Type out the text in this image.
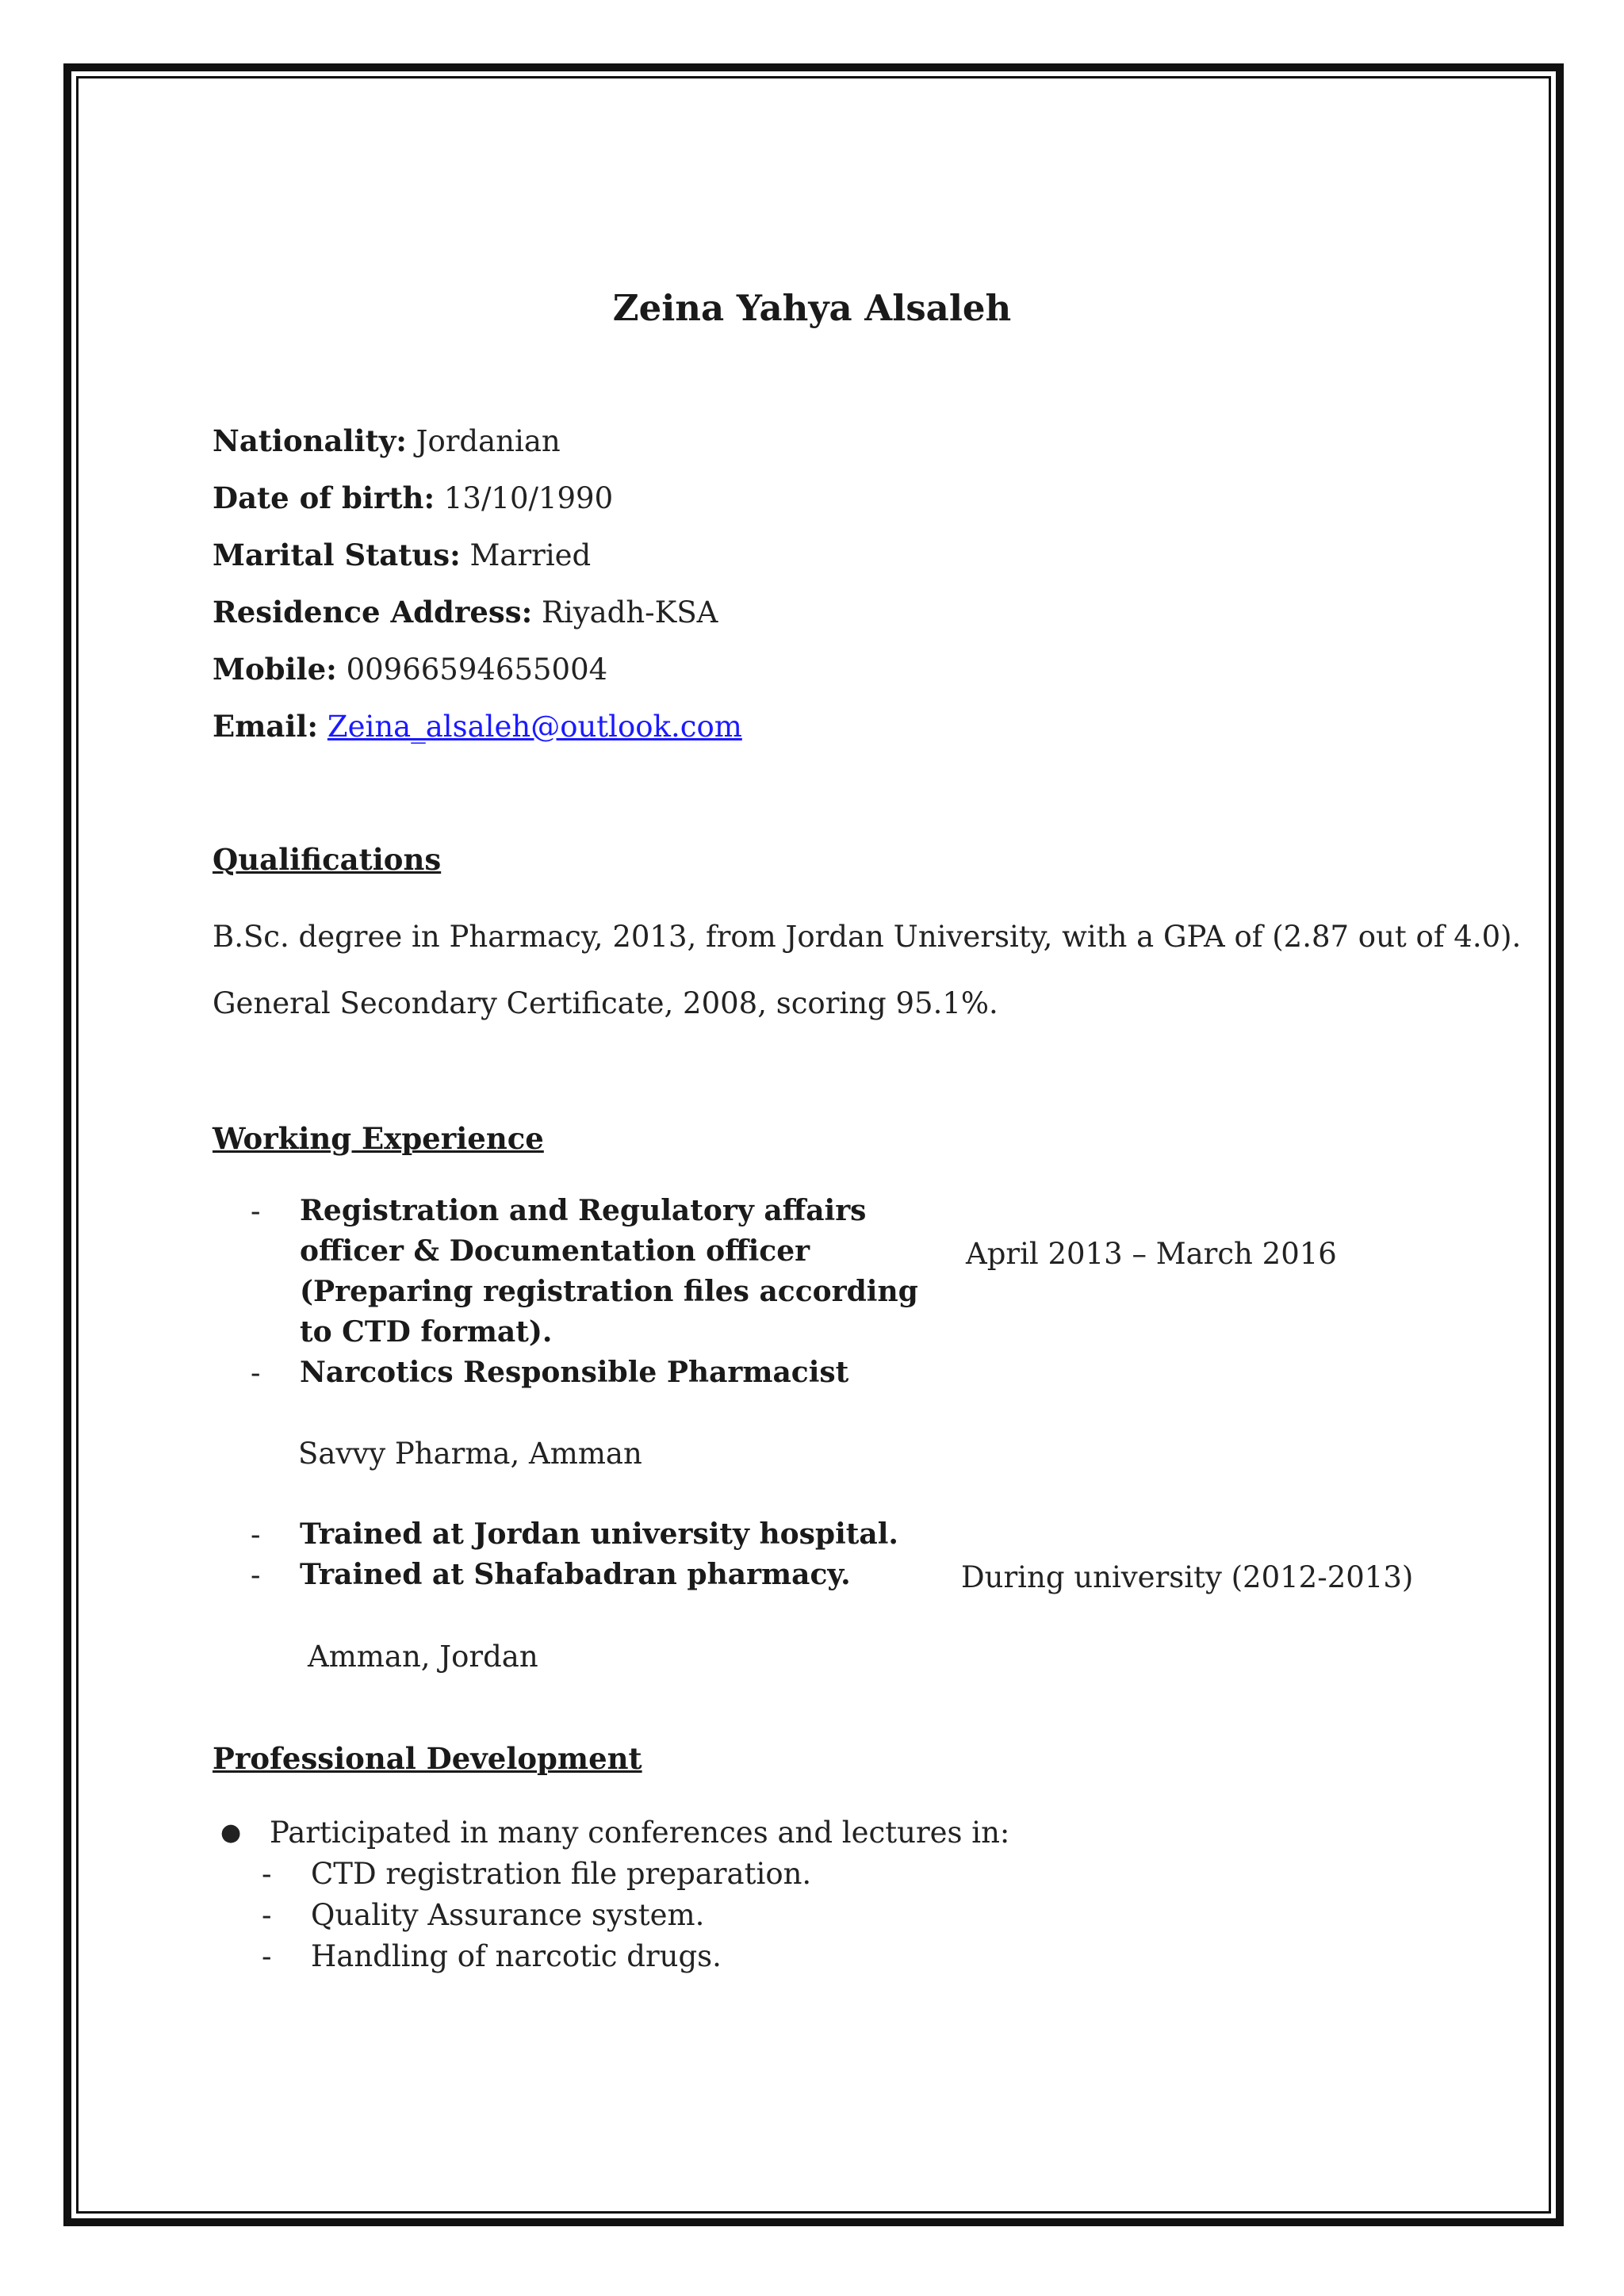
Zeina Yahya Alsaleh
Nationality: Jordanian
Date of birth: 13/10/1990
Marital Status: Married
Residence Address: Riyadh-KSA
Mobile: 00966594655004
Email: Zeina_alsaleh@outlook.com
Qualifications
B.Sc. degree in Pharmacy, 2013, from Jordan University, with a GPA of (2.87 out of 4.0).
General Secondary Certificate, 2008, scoring 95.1%.
Working Experience
- Registration and Regulatory affairs
officer & Documentation officer
(Preparing registration files according
to CTD format).
April 2013 – March 2016
- Narcotics Responsible Pharmacist
Savvy Pharma, Amman
- Trained at Jordan university hospital.
- Trained at Shafabadran pharmacy.	During university (2012-2013)
Amman, Jordan
Professional Development
● Participated in many conferences and lectures in:
- CTD registration file preparation.
- Quality Assurance system.
- Handling of narcotic drugs.
